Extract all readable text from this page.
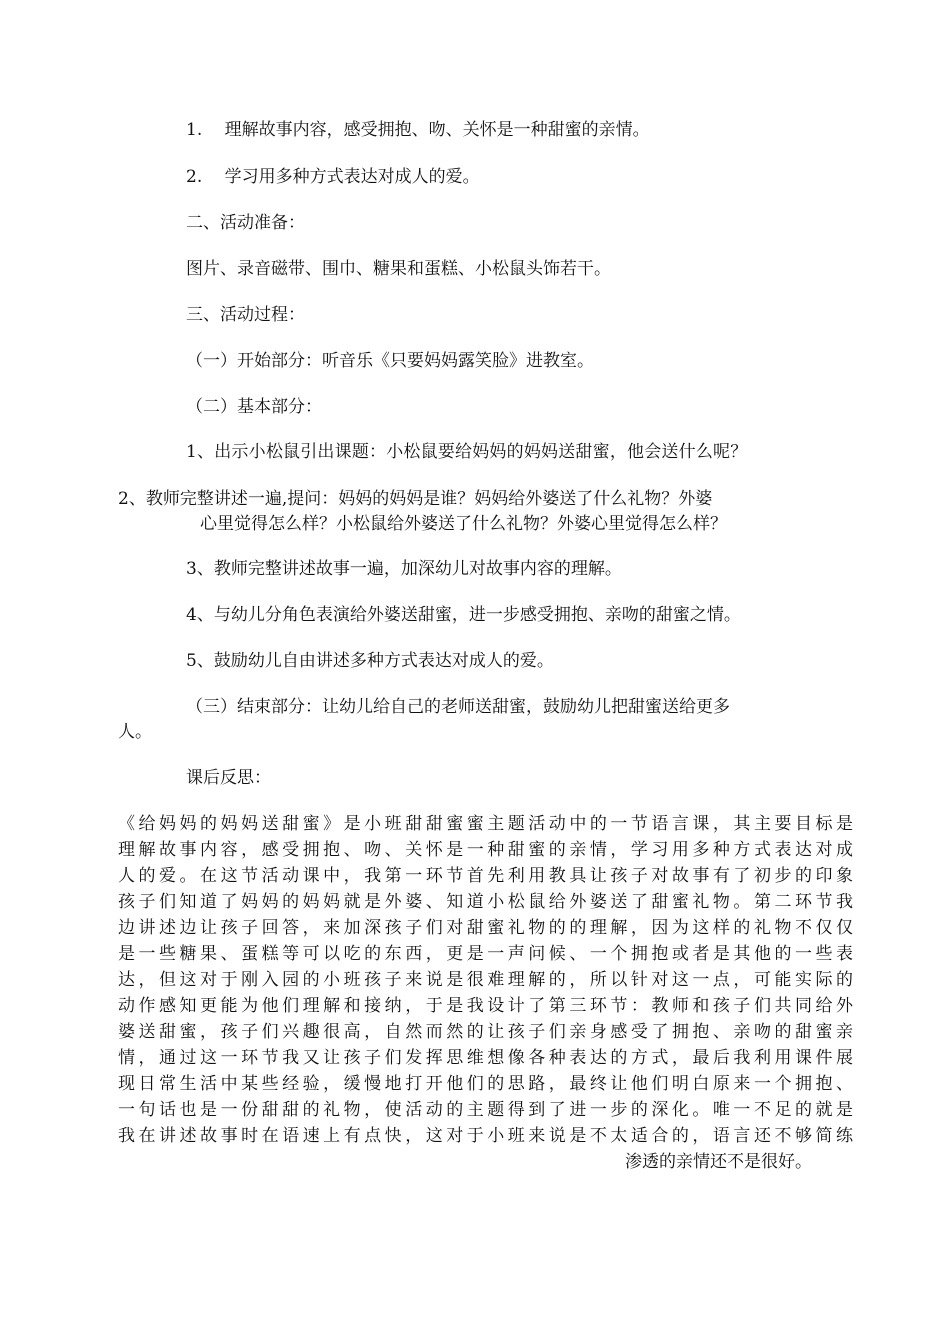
1.　 理解故事内容，感受拥抱、吻、关怀是一种甜蜜的亲情。
2.　 学习用多种方式表达对成人的爱。
二、活动准备：
图片、录音磁带、围巾、糖果和蛋糕、小松鼠头饰若干。
三、活动过程：
（一）开始部分：听音乐《只要妈妈露笑脸》进教室。
（二）基本部分：
1、出示小松鼠引出课题：小松鼠要给妈妈的妈妈送甜蜜，他会送什么呢？
2、教师完整讲述一遍,提问：妈妈的妈妈是谁？妈妈给外婆送了什么礼物？外婆
心里觉得怎么样？小松鼠给外婆送了什么礼物？外婆心里觉得怎么样？
3、教师完整讲述故事一遍，加深幼儿对故事内容的理解。
4、与幼儿分角色表演给外婆送甜蜜，进一步感受拥抱、亲吻的甜蜜之情。
5、鼓励幼儿自由讲述多种方式表达对成人的爱。
（三）结束部分：让幼儿给自己的老师送甜蜜，鼓励幼儿把甜蜜送给更多
人。
课后反思：
《给妈妈的妈妈送甜蜜》是小班甜甜蜜蜜主题活动中的一节语言课，其主要目标是
理解故事内容，感受拥抱、吻、关怀是一种甜蜜的亲情，学习用多种方式表达对成
人的爱。在这节活动课中，我第一环节首先利用教具让孩子对故事有了初步的印象
孩子们知道了妈妈的妈妈就是外婆、知道小松鼠给外婆送了甜蜜礼物。第二环节我
边讲述边让孩子回答，来加深孩子们对甜蜜礼物的的理解，因为这样的礼物不仅仅
是一些糖果、蛋糕等可以吃的东西，更是一声问候、一个拥抱或者是其他的一些表
达，但这对于刚入园的小班孩子来说是很难理解的，所以针对这一点，可能实际的
动作感知更能为他们理解和接纳，于是我设计了第三环节：教师和孩子们共同给外
婆送甜蜜，孩子们兴趣很高，自然而然的让孩子们亲身感受了拥抱、亲吻的甜蜜亲
情，通过这一环节我又让孩子们发挥思维想像各种表达的方式，最后我利用课件展
现日常生活中某些经验，缓慢地打开他们的思路，最终让他们明白原来一个拥抱、
一句话也是一份甜甜的礼物，使活动的主题得到了进一步的深化。唯一不足的就是
我在讲述故事时在语速上有点快，这对于小班来说是不太适合的，语言还不够简练
渗透的亲情还不是很好。
